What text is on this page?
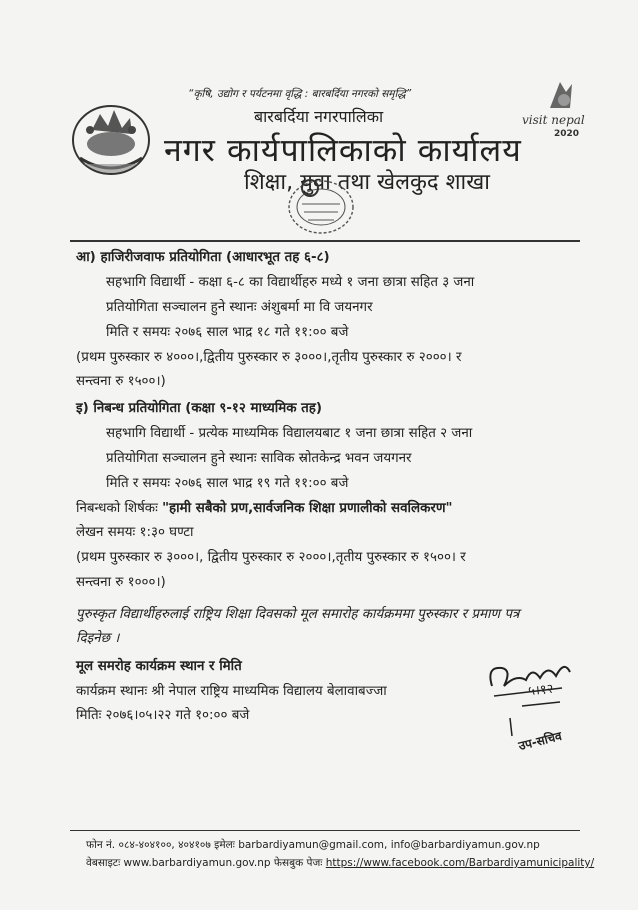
“कृषि, उद्योग र पर्यटनमा वृद्धि : बारबर्दिया नगरको समृद्धि”
बारबर्दिया नगरपालिका
नगर कार्यपालिकाको कार्यालय
शिक्षा, युवा तथा खेलकुद शाखा
visit nepal
2020
आ) हाजिरीजवाफ प्रतियोगिता (आधारभूत तह ६-८)
सहभागि विद्यार्थी - कक्षा ६-८ का विद्यार्थीहरु मध्ये १ जना छात्रा सहित ३ जना
प्रतियोगिता सञ्चालन हुने स्थानः अंशुबर्मा मा वि जयनगर
मिति र समयः २०७६ साल भाद्र १८ गते ११:०० बजे
(प्रथम पुरुस्कार रु ४०००।,द्वितीय पुरुस्कार रु ३०००।,तृतीय पुरुस्कार रु २०००। र
सन्त्वना रु १५००।)
इ) निबन्ध प्रतियोगिता (कक्षा ९-१२ माध्यमिक तह)
सहभागि विद्यार्थी - प्रत्येक माध्यमिक विद्यालयबाट १ जना छात्रा सहित २ जना
प्रतियोगिता सञ्चालन हुने स्थानः साविक स्रोतकेन्द्र भवन जयगनर
मिति र समयः २०७६ साल भाद्र १९ गते ११:०० बजे
निबन्धको शिर्षकः "हामी सबैको प्रण,सार्वजनिक शिक्षा प्रणालीको सवलिकरण"
लेखन समयः १:३० घण्टा
(प्रथम पुरुस्कार रु ३०००।, द्वितीय पुरुस्कार रु २०००।,तृतीय पुरुस्कार रु १५००। र
सन्त्वना रु १०००।)
पुरुस्कृत विद्यार्थीहरुलाई राष्ट्रिय शिक्षा दिवसको मूल समारोह कार्यक्रममा पुरुस्कार र प्रमाण पत्र
दिइनेछ ।
मूल समरोह कार्यक्रम स्थान र मिति
कार्यक्रम स्थानः श्री नेपाल राष्ट्रिय माध्यमिक विद्यालय बेलावाबज्जा
मितिः २०७६।०५।२२ गते १०:०० बजे
५।१२
उप-सचिव
फोन नं. ०८४-४०४१००, ४०४१०७ इमेलः barbardiyamun@gmail.com, info@barbardiyamun.gov.np
वेबसाइटः www.barbardiyamun.gov.np फेसबुक पेजः https://www.facebook.com/Barbardiyamunicipality/
